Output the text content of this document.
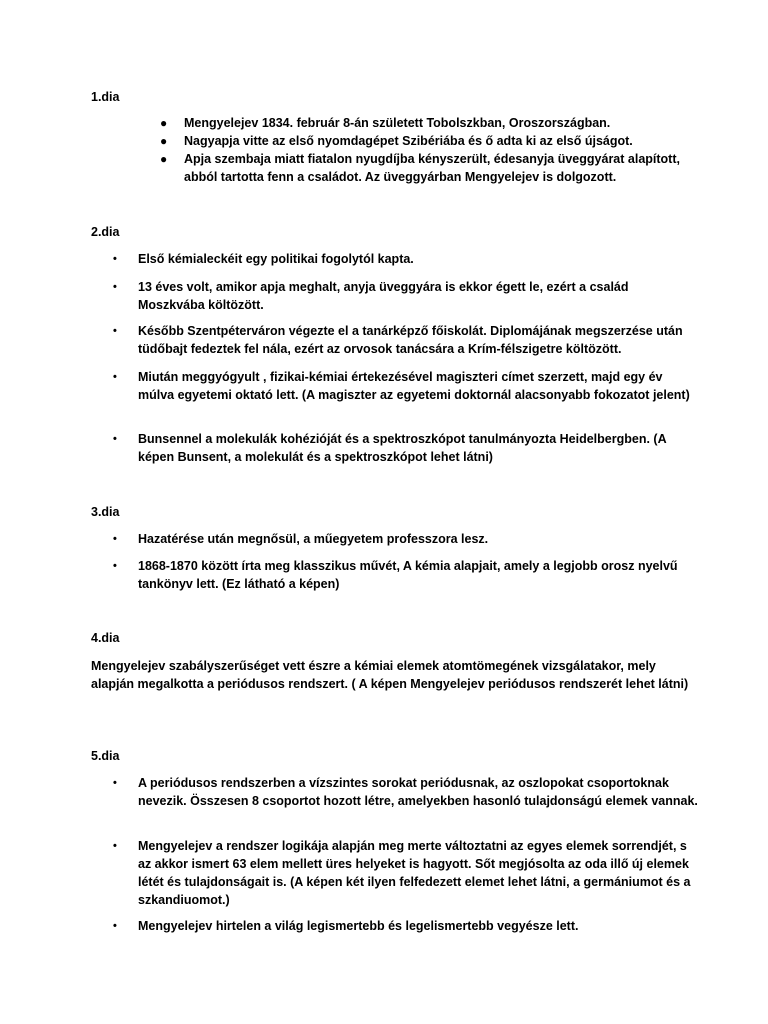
1.dia
● Mengyelejev 1834. február 8-án született Tobolszkban, Oroszországban.
● Nagyapja vitte az első nyomdagépet Szibériába és ő adta ki az első újságot.
● Apja szembaja miatt fiatalon nyugdíjba kényszerült, édesanyja üveggyárat alapított, abból tartotta fenn a családot. Az üveggyárban Mengyelejev is dolgozott.
2.dia
• Első kémialeckéit egy politikai fogolytól kapta.
• 13 éves volt, amikor apja meghalt, anyja üveggyára is ekkor égett le, ezért a család Moszkvába költözött.
• Később Szentpéterváron végezte el a tanárképző főiskolát. Diplomájának megszerzése után tüdőbajt fedeztek fel nála, ezért az orvosok tanácsára a Krím-félszigetre költözött.
• Miután meggyógyult , fizikai-kémiai értekezésével magiszteri címet szerzett, majd egy év múlva egyetemi oktató lett. (A magiszter az egyetemi doktornál alacsonyabb fokozatot jelent)
• Bunsennel a molekulák kohézióját és a spektroszkópot tanulmányozta Heidelbergben. (A képen Bunsent, a molekulát és a spektroszkópot lehet látni)
3.dia
• Hazatérése után megnősül, a műegyetem professzora lesz.
• 1868-1870 között írta meg klasszikus művét, A kémia alapjait, amely a legjobb orosz nyelvű tankönyv lett. (Ez látható a képen)
4.dia
Mengyelejev szabályszerűséget vett észre a kémiai elemek atomtömegének vizsgálatakor, mely alapján megalkotta a periódusos rendszert. ( A képen Mengyelejev periódusos rendszerét lehet látni)
5.dia
• A periódusos rendszerben a vízszintes sorokat periódusnak, az oszlopokat csoportoknak nevezik. Összesen 8 csoportot hozott létre, amelyekben hasonló tulajdonságú elemek vannak.
• Mengyelejev a rendszer logikája alapján meg merte változtatni az egyes elemek sorrendjét, s az akkor ismert 63 elem mellett üres helyeket is hagyott. Sőt megjósolta az oda illő új elemek létét és tulajdonságait is. (A képen két ilyen felfedezett elemet lehet látni, a germániumot és a szkandiuomot.)
• Mengyelejev hirtelen a világ legismertebb és legelismertebb vegyésze lett.
